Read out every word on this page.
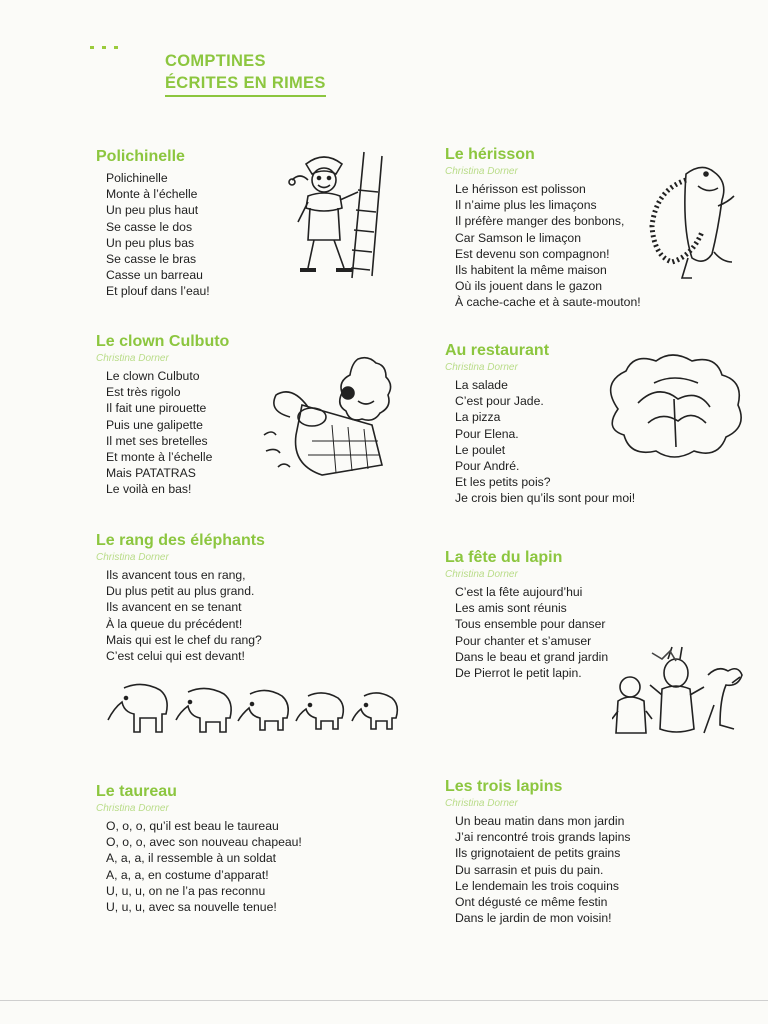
COMPTINES
ÉCRITES EN RIMES
Polichinelle
Polichinelle
Monte à l’échelle
Un peu plus haut
Se casse le dos
Un peu plus bas
Se casse le bras
Casse un barreau
Et plouf dans l’eau!
Le clown Culbuto
Christina Dorner
Le clown Culbuto
Est très rigolo
Il fait une pirouette
Puis une galipette
Il met ses bretelles
Et monte à l’échelle
Mais PATATRAS
Le voilà en bas!
Le rang des éléphants
Christina Dorner
Ils avancent tous en rang,
Du plus petit au plus grand.
Ils avancent en se tenant
À la queue du précédent!
Mais qui est le chef du rang?
C’est celui qui est devant!
Le taureau
Christina Dorner
O, o, o, qu’il est beau le taureau
O, o, o, avec son nouveau chapeau!
A, a, a, il ressemble à un soldat
A, a, a, en costume d’apparat!
U, u, u, on ne l’a pas reconnu
U, u, u, avec sa nouvelle tenue!
Le hérisson
Christina Dorner
Le hérisson est polisson
Il n’aime plus les limaçons
Il préfère manger des bonbons,
Car Samson le limaçon
Est devenu son compagnon!
Ils habitent la même maison
Où ils jouent dans le gazon
À cache-cache et à saute-mouton!
Au restaurant
Christina Dorner
La salade
C’est pour Jade.
La pizza
Pour Elena.
Le poulet
Pour André.
Et les petits pois?
Je crois bien qu’ils sont pour moi!
La fête du lapin
Christina Dorner
C’est la fête aujourd’hui
Les amis sont réunis
Tous ensemble pour danser
Pour chanter et s’amuser
Dans le beau et grand jardin
De Pierrot le petit lapin.
Les trois lapins
Christina Dorner
Un beau matin dans mon jardin
J’ai rencontré trois grands lapins
Ils grignotaient de petits grains
Du sarrasin et puis du pain.
Le lendemain les trois coquins
Ont dégusté ce même festin
Dans le jardin de mon voisin!
